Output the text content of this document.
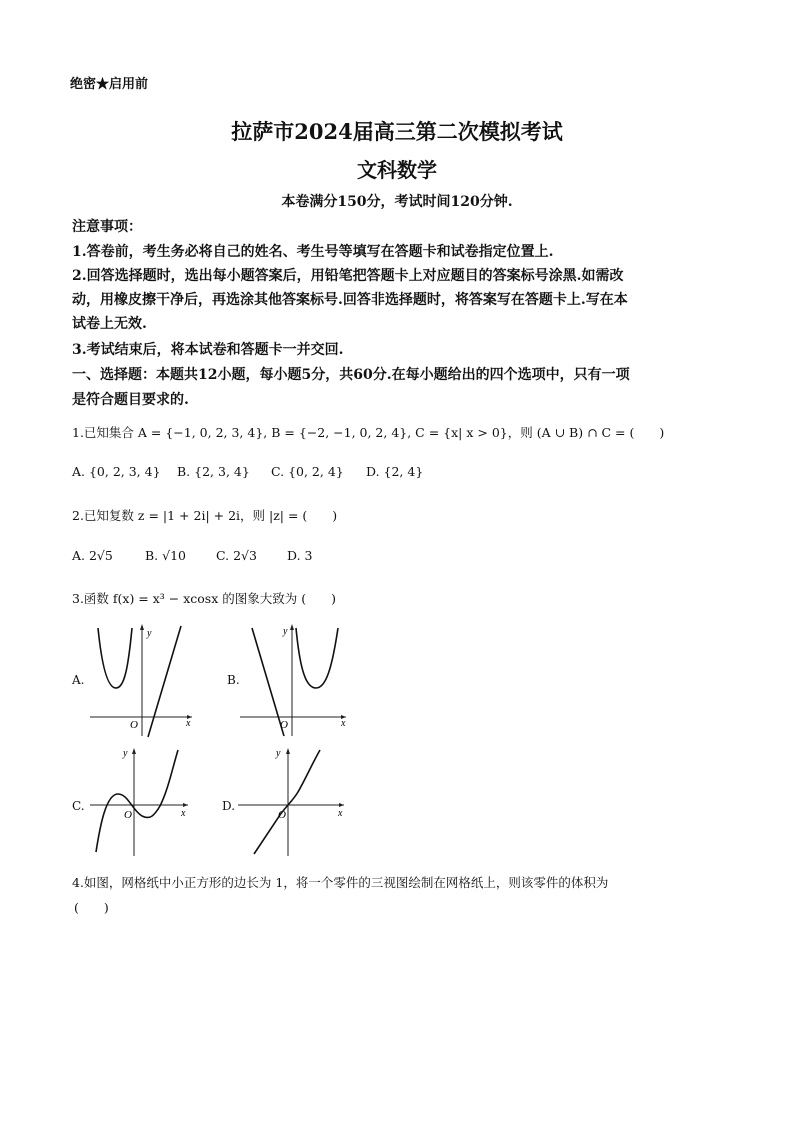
绝密★启用前
拉萨市2024届高三第二次模拟考试
文科数学
本卷满分150分，考试时间120分钟.
注意事项：
1.答卷前，考生务必将自己的姓名、考生号等填写在答题卡和试卷指定位置上.
2.回答选择题时，选出每小题答案后，用铅笔把答题卡上对应题目的答案标号涂黑.如需改
动，用橡皮擦干净后，再选涂其他答案标号.回答非选择题时，将答案写在答题卡上.写在本
试卷上无效.
3.考试结束后，将本试卷和答题卡一并交回.
一、选择题：本题共12小题，每小题5分，共60分.在每小题给出的四个选项中，只有一项
是符合题目要求的.
1.已知集合 A = {−1, 0, 2, 3, 4}, B = {−2, −1, 0, 2, 4}, C = {x| x > 0}，则 (A ∪ B) ∩ C = (　　)
A. {0, 2, 3, 4} B. {2, 3, 4} C. {0, 2, 4} D. {2, 4}
2.已知复数 z = |1 + 2i| + 2i，则 |z| = (　　)
A. 2√5	B. √10 C. 2√3 D. 3
3.函数 f(x) = x³ − xcosx 的图象大致为 (　　)
A.	B.
C.	D.
y
x
O
y
x
O
y
x
O
y
x
O
4.如图，网格纸中小正方形的边长为 1，将一个零件的三视图绘制在网格纸上，则该零件的体积为
(　　)
